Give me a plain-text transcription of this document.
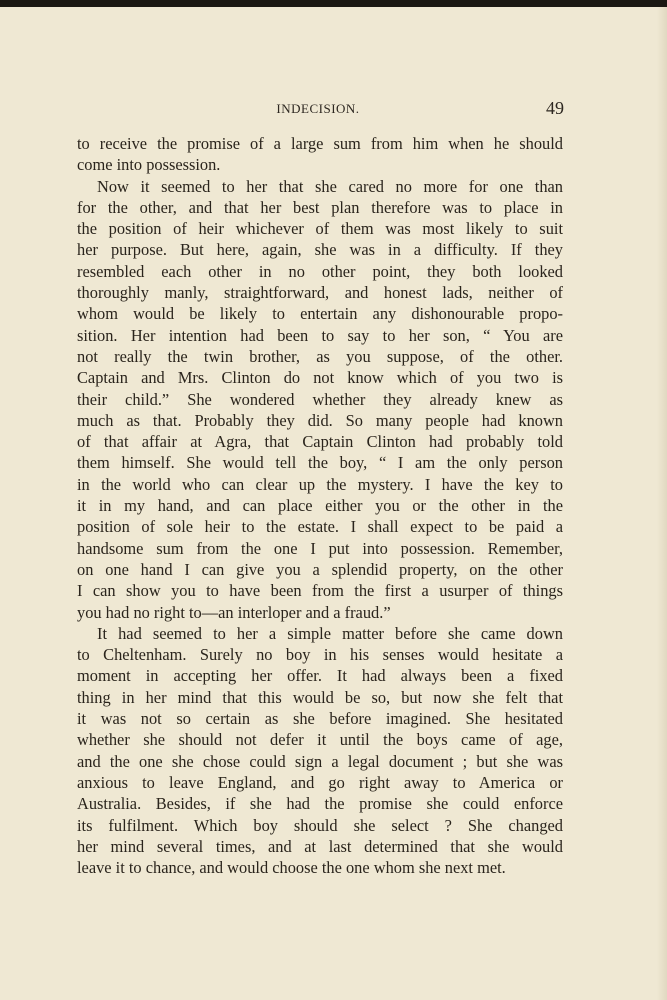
INDECISION.	49
to receive the promise of a large sum from him when he should
come into possession.
Now it seemed to her that she cared no more for one than
for the other, and that her best plan therefore was to place in
the position of heir whichever of them was most likely to suit
her purpose. But here, again, she was in a difficulty. If they
resembled each other in no other point, they both looked
thoroughly manly, straightforward, and honest lads, neither of
whom would be likely to entertain any dishonourable propo-
sition. Her intention had been to say to her son, “ You are
not really the twin brother, as you suppose, of the other.
Captain and Mrs. Clinton do not know which of you two is
their child.” She wondered whether they already knew as
much as that. Probably they did. So many people had known
of that affair at Agra, that Captain Clinton had probably told
them himself. She would tell the boy, “ I am the only person
in the world who can clear up the mystery. I have the key to
it in my hand, and can place either you or the other in the
position of sole heir to the estate. I shall expect to be paid a
handsome sum from the one I put into possession. Remember,
on one hand I can give you a splendid property, on the other
I can show you to have been from the first a usurper of things
you had no right to—an interloper and a fraud.”
It had seemed to her a simple matter before she came down
to Cheltenham. Surely no boy in his senses would hesitate a
moment in accepting her offer. It had always been a fixed
thing in her mind that this would be so, but now she felt that
it was not so certain as she before imagined. She hesitated
whether she should not defer it until the boys came of age,
and the one she chose could sign a legal document ; but she was
anxious to leave England, and go right away to America or
Australia. Besides, if she had the promise she could enforce
its fulfilment. Which boy should she select ? She changed
her mind several times, and at last determined that she would
leave it to chance, and would choose the one whom she next met.
